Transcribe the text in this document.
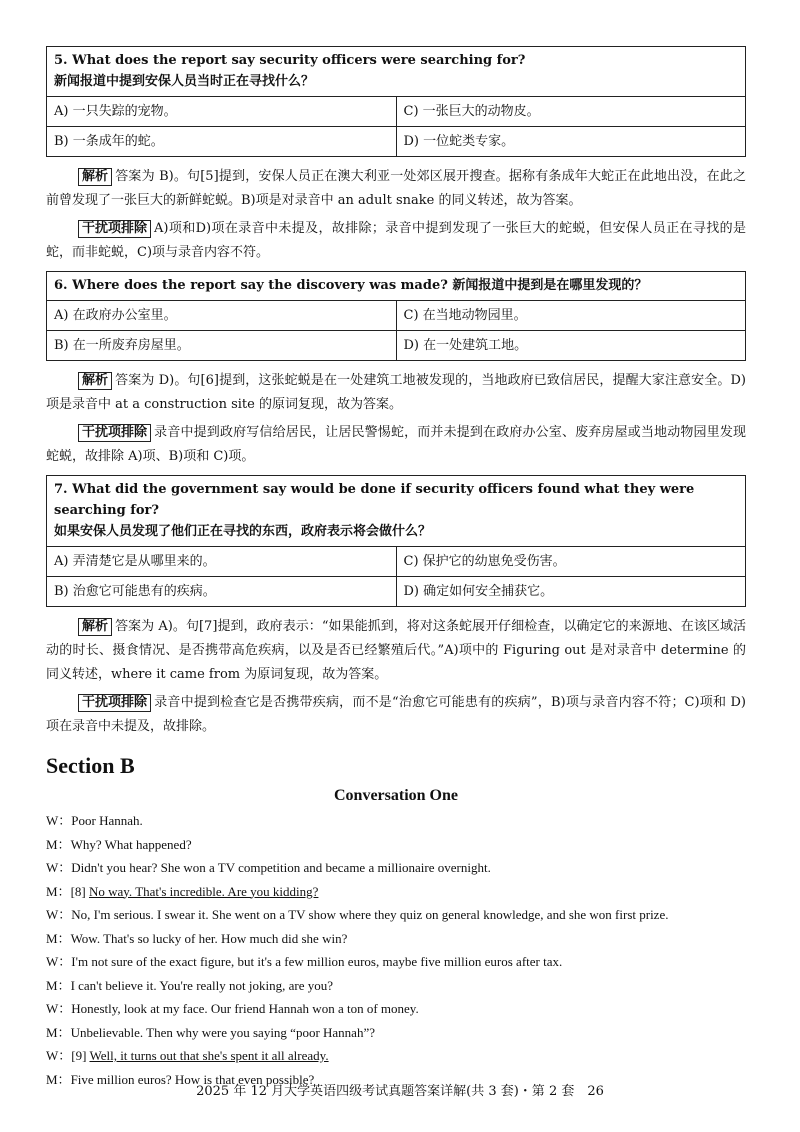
5. What does the report say security officers were searching for?
新闻报道中提到安保人员当时正在寻找什么？	

A) 一只失踪的宠物。	C) 一张巨大的动物皮。
B) 一条成年的蛇。	D) 一位蛇类专家。

解析 答案为 B)。句[5]提到，安保人员正在澳大利亚一处郊区展开搜查。据称有条成年大蛇正在此地出没，在此之前曾发现了一张巨大的新鲜蛇蜕。B)项是对录音中 an adult snake 的同义转述，故为答案。

干扰项排除 A)项和D)项在录音中未提及，故排除；录音中提到发现了一张巨大的蛇蜕，但安保人员正在寻找的是蛇，而非蛇蜕，C)项与录音内容不符。

6. Where does the report say the discovery was made? 新闻报道中提到是在哪里发现的？	
A) 在政府办公室里。	C) 在当地动物园里。
B) 在一所废弃房屋里。	D) 在一处建筑工地。

解析 答案为 D)。句[6]提到，这张蛇蜕是在一处建筑工地被发现的，当地政府已致信居民，提醒大家注意安全。D)项是录音中 at a construction site 的原词复现，故为答案。

干扰项排除 录音中提到政府写信给居民，让居民警惕蛇，而并未提到在政府办公室、废弃房屋或当地动物园里发现蛇蜕，故排除 A)项、B)项和 C)项。

7. What did the government say would be done if security officers found what they were searching for?
如果安保人员发现了他们正在寻找的东西，政府表示将会做什么？	

A) 弄清楚它是从哪里来的。	C) 保护它的幼崽免受伤害。
B) 治愈它可能患有的疾病。	D) 确定如何安全捕获它。

解析 答案为 A)。句[7]提到，政府表示：“如果能抓到，将对这条蛇展开仔细检查，以确定它的来源地、在该区域活动的时长、摄食情况、是否携带高危疾病，以及是否已经繁殖后代。”A)项中的 Figuring out 是对录音中 determine 的同义转述，where it came from 为原词复现，故为答案。

干扰项排除 录音中提到检查它是否携带疾病，而不是“治愈它可能患有的疾病”，B)项与录音内容不符；C)项和 D)项在录音中未提及，故排除。

Section B
Conversation One

W：Poor Hannah.

M：Why? What happened?

W：Didn't you hear? She won a TV competition and became a millionaire overnight.

M：[8] No way. That's incredible. Are you kidding?

W：No, I'm serious. I swear it. She went on a TV show where they quiz on general knowledge, and she won first prize.

M：Wow. That's so lucky of her. How much did she win?

W：I'm not sure of the exact figure, but it's a few million euros, maybe five million euros after tax.

M：I can't believe it. You're really not joking, are you?

W：Honestly, look at my face. Our friend Hannah won a ton of money.

M：Unbelievable. Then why were you saying “poor Hannah”?

W：[9] Well, it turns out that she's spent it all already.

M：Five million euros? How is that even possible?

2025 年 12 月大学英语四级考试真题答案详解(共 3 套)・第 2 套　26
